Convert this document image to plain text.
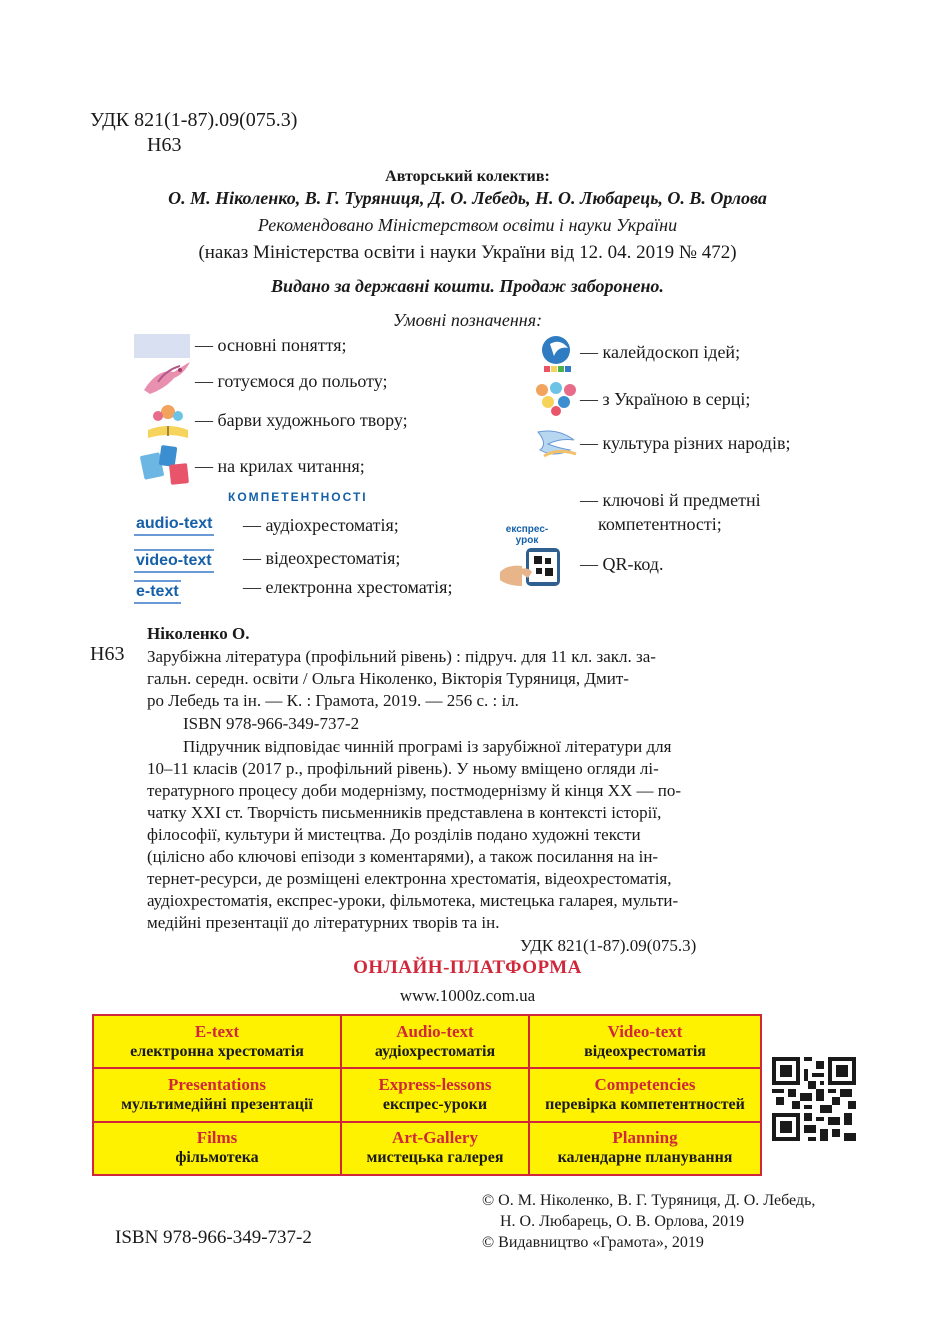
УДК 821(1-87).09(075.3)
Н63
Авторський колектив:
О. М. Ніколенко, В. Г. Туряниця, Д. О. Лебедь, Н. О. Любарець, О. В. Орлова
Рекомендовано Міністерством освіти і науки України
(наказ Міністерства освіти і науки України від 12. 04. 2019 № 472)
Видано за державні кошти. Продаж заборонено.
Умовні позначення:
— основні поняття;
— готуємося до польоту;
— барви художнього твору;
— на крилах читання;
КОМПЕТЕНТНОСТІ
audio-text — аудіохрестоматія;
video-text — відеохрестоматія;
e-text	— електронна хрестоматія;
— калейдоскоп ідей;
— з Україною в серці;
— культура різних народів;
— ключові й предметні
компетентності;
експрес-
урок
— QR-код.
Ніколенко О.
Н63 Зарубіжна література (профільний рівень) : підруч. для 11 кл. закл. за-
гальн. середн. освіти / Ольга Ніколенко, Вікторія Туряниця, Дмит-
ро Лебедь та ін. — К. : Грамота, 2019. — 256 с. : іл.
ISBN 978-966-349-737-2
Підручник відповідає чинній програмі із зарубіжної літератури для
10–11 класів (2017 р., профільний рівень). У ньому вміщено огляди лі-
тературного процесу доби модернізму, постмодернізму й кінця ХХ — по-
чатку ХХІ ст. Творчість письменників представлена в контексті історії,
філософії, культури й мистецтва. До розділів подано художні тексти
(цілісно або ключові епізоди з коментарями), а також посилання на ін-
тернет-ресурси, де розміщені електронна хрестоматія, відеохрестоматія,
аудіохрестоматія, експрес-уроки, фільмотека, мистецька галарея, мульти-
медійні презентації до літературних творів та ін.
УДК 821(1-87).09(075.3)
ОНЛАЙН-ПЛАТФОРМА
www.1000z.com.ua
E-text
електронна хрестоматія	Audio-text
аудіохрестоматія	Video-text
відеохрестоматія

Presentations
мультимедійні презентації	Express-lessons
експрес-уроки	Competencies
перевірка компетентностей

Films
фільмотека	Art-Gallery
мистецька галерея	Planning
календарне планування
ISBN 978-966-349-737-2
© О. М. Ніколенко, В. Г. Туряниця, Д. О. Лебедь,
Н. О. Любарець, О. В. Орлова, 2019
© Видавництво «Грамота», 2019
